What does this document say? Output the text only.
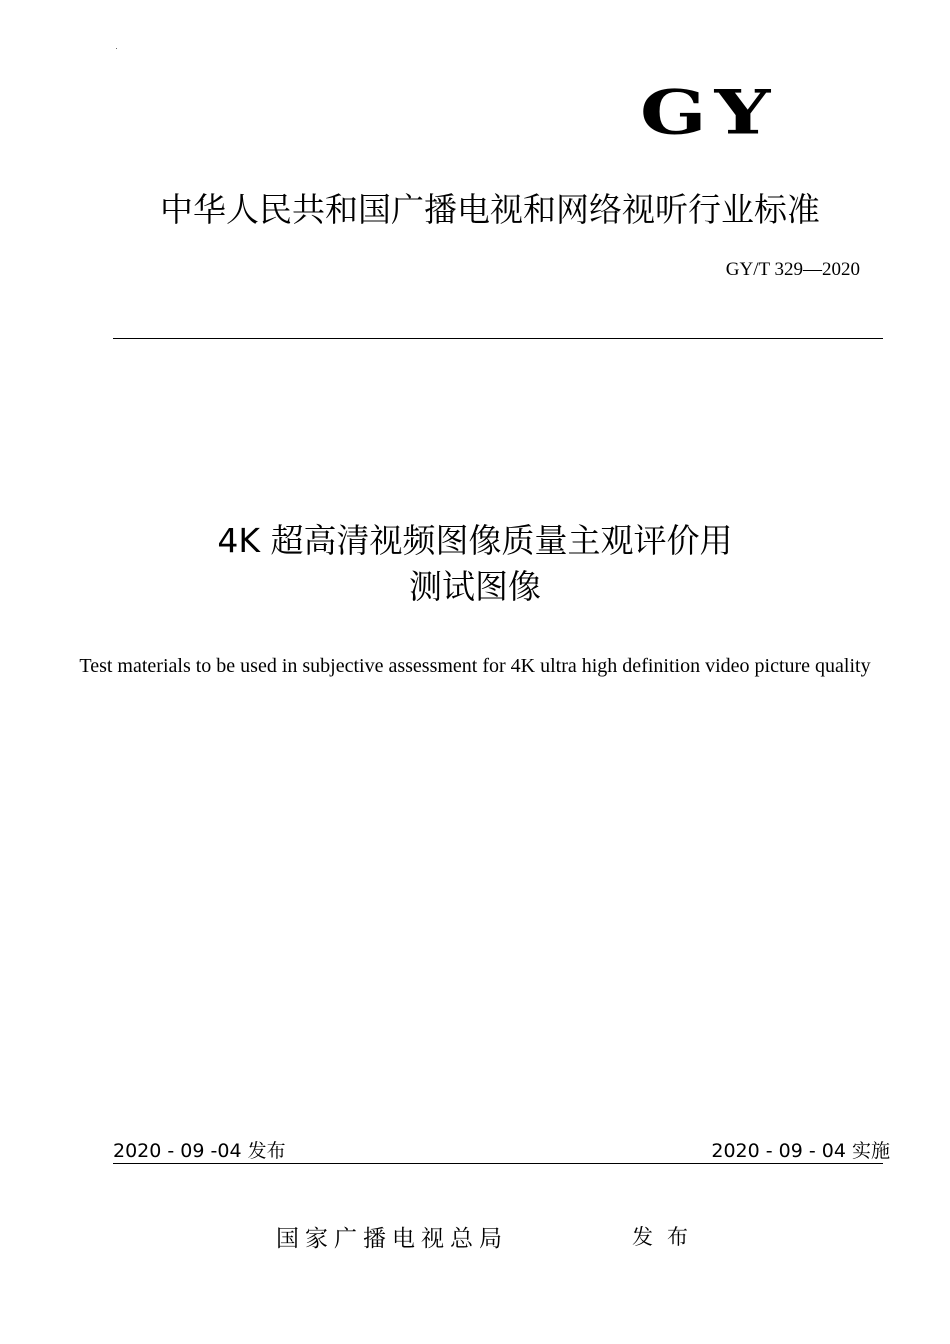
GY
中华人民共和国广播电视和网络视听行业标准
GY/T 329—2020
4K 超高清视频图像质量主观评价用
测试图像
Test materials to be used in subjective assessment for 4K ultra high definition video picture quality
2020 - 09 -04 发布	2020 - 09 - 04 实施
国家广播电视总局	发布
